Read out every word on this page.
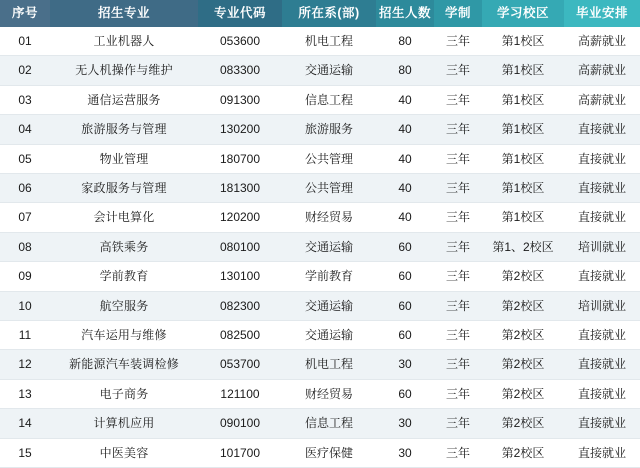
序号	招生专业	专业代码	所在系(部)	招生人数	学制	学习校区	毕业安排
01	工业机器人	053600	机电工程	80	三年	第1校区	高薪就业
02	无人机操作与维护	083300	交通运输	80	三年	第1校区	高薪就业
03	通信运营服务	091300	信息工程	40	三年	第1校区	高薪就业
04	旅游服务与管理	130200	旅游服务	40	三年	第1校区	直接就业
05	物业管理	180700	公共管理	40	三年	第1校区	直接就业
06	家政服务与管理	181300	公共管理	40	三年	第1校区	直接就业
07	会计电算化	120200	财经贸易	40	三年	第1校区	直接就业
08	高铁乘务	080100	交通运输	60	三年	第1、2校区	培训就业
09	学前教育	130100	学前教育	60	三年	第2校区	直接就业
10	航空服务	082300	交通运输	60	三年	第2校区	培训就业
11	汽车运用与维修	082500	交通运输	60	三年	第2校区	直接就业
12	新能源汽车装调检修	053700	机电工程	30	三年	第2校区	直接就业
13	电子商务	121100	财经贸易	60	三年	第2校区	直接就业
14	计算机应用	090100	信息工程	30	三年	第2校区	直接就业
15	中医美容	101700	医疗保健	30	三年	第2校区	直接就业
